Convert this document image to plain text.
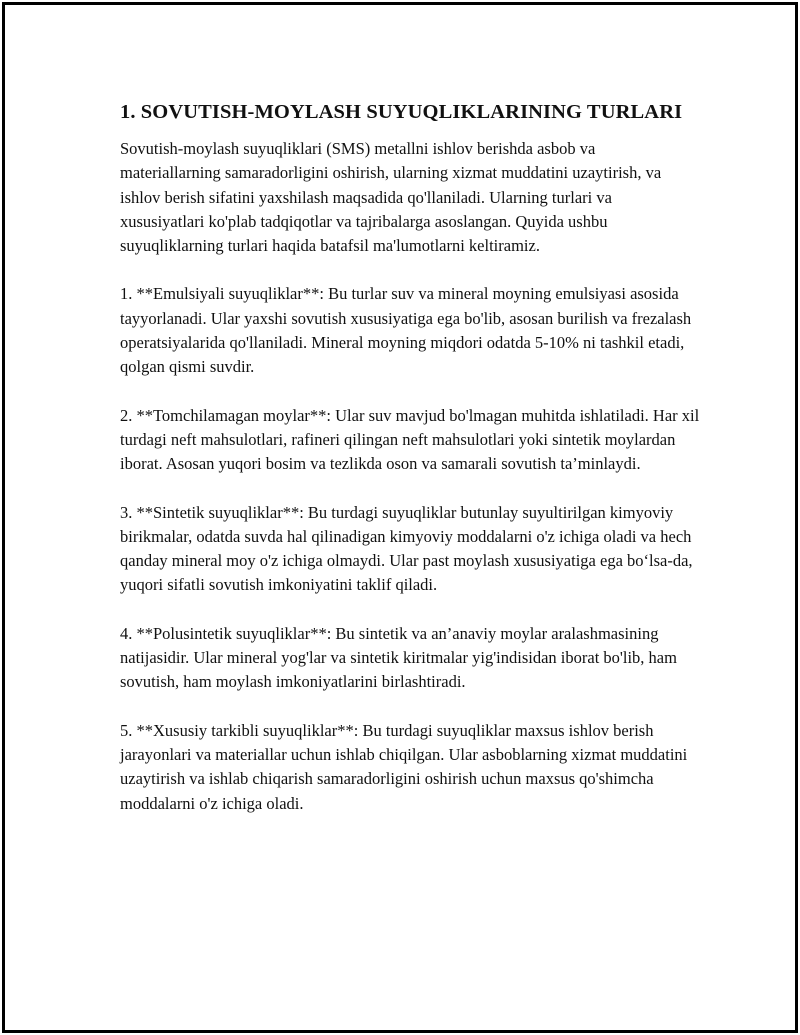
1. SOVUTISH-MOYLASH SUYUQLIKLARINING TURLARI

Sovutish-moylash suyuqliklari (SMS) metallni ishlov berishda asbob va materiallarning samaradorligini oshirish, ularning xizmat muddatini uzaytirish, va ishlov berish sifatini yaxshilash maqsadida qo'llaniladi. Ularning turlari va xususiyatlari ko'plab tadqiqotlar va tajribalarga asoslangan. Quyida ushbu suyuqliklarning turlari haqida batafsil ma'lumotlarni keltiramiz.

1. **Emulsiyali suyuqliklar**: Bu turlar suv va mineral moyning emulsiyasi asosida tayyorlanadi. Ular yaxshi sovutish xususiyatiga ega bo'lib, asosan burilish va frezalash operatsiyalarida qo'llaniladi. Mineral moyning miqdori odatda 5-10% ni tashkil etadi, qolgan qismi suvdir.

2. **Tomchilamagan moylar**: Ular suv mavjud bo'lmagan muhitda ishlatiladi. Har xil turdagi neft mahsulotlari, rafineri qilingan neft mahsulotlari yoki sintetik moylardan iborat. Asosan yuqori bosim va tezlikda oson va samarali sovutish ta’minlaydi.

3. **Sintetik suyuqliklar**: Bu turdagi suyuqliklar butunlay suyultirilgan kimyoviy birikmalar, odatda suvda hal qilinadigan kimyoviy moddalarni o'z ichiga oladi va hech qanday mineral moy o'z ichiga olmaydi. Ular past moylash xususiyatiga ega bo‘lsa-da, yuqori sifatli sovutish imkoniyatini taklif qiladi.

4. **Polusintetik suyuqliklar**: Bu sintetik va an’anaviy moylar aralashmasining natijasidir. Ular mineral yog'lar va sintetik kiritmalar yig'indisidan iborat bo'lib, ham sovutish, ham moylash imkoniyatlarini birlashtiradi.

5. **Xususiy tarkibli suyuqliklar**: Bu turdagi suyuqliklar maxsus ishlov berish jarayonlari va materiallar uchun ishlab chiqilgan. Ular asboblarning xizmat muddatini uzaytirish va ishlab chiqarish samaradorligini oshirish uchun maxsus qo'shimcha moddalarni o'z ichiga oladi.
